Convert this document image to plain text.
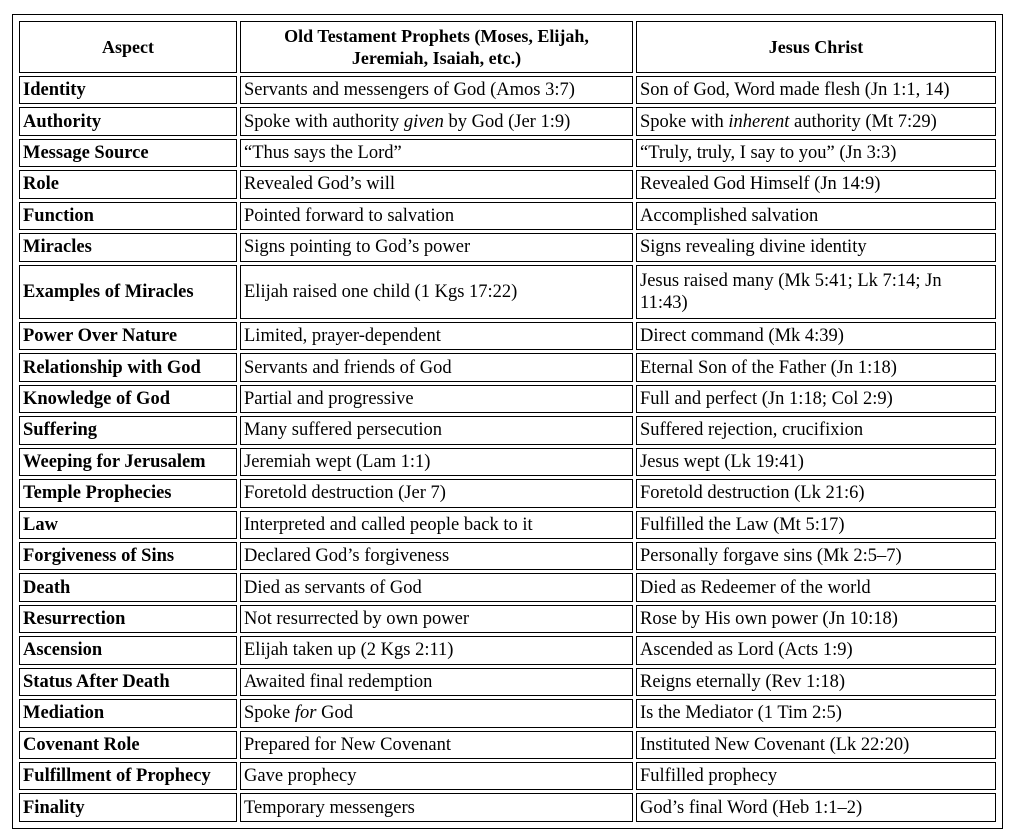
Aspect	Old Testament Prophets (Moses, Elijah, Jeremiah, Isaiah, etc.)	Jesus Christ
Identity	Servants and messengers of God (Amos 3:7)	Son of God, Word made flesh (Jn 1:1, 14)
Authority	Spoke with authority given by God (Jer 1:9)	Spoke with inherent authority (Mt 7:29)
Message Source	“Thus says the Lord”	“Truly, truly, I say to you” (Jn 3:3)
Role	Revealed God’s will	Revealed God Himself (Jn 14:9)
Function	Pointed forward to salvation	Accomplished salvation
Miracles	Signs pointing to God’s power	Signs revealing divine identity
Examples of Miracles	Elijah raised one child (1 Kgs 17:22)	Jesus raised many (Mk 5:41; Lk 7:14; Jn 11:43)
Power Over Nature	Limited, prayer-dependent	Direct command (Mk 4:39)
Relationship with God	Servants and friends of God	Eternal Son of the Father (Jn 1:18)
Knowledge of God	Partial and progressive	Full and perfect (Jn 1:18; Col 2:9)
Suffering	Many suffered persecution	Suffered rejection, crucifixion
Weeping for Jerusalem	Jeremiah wept (Lam 1:1)	Jesus wept (Lk 19:41)
Temple Prophecies	Foretold destruction (Jer 7)	Foretold destruction (Lk 21:6)
Law	Interpreted and called people back to it	Fulfilled the Law (Mt 5:17)
Forgiveness of Sins	Declared God’s forgiveness	Personally forgave sins (Mk 2:5–7)
Death	Died as servants of God	Died as Redeemer of the world
Resurrection	Not resurrected by own power	Rose by His own power (Jn 10:18)
Ascension	Elijah taken up (2 Kgs 2:11)	Ascended as Lord (Acts 1:9)
Status After Death	Awaited final redemption	Reigns eternally (Rev 1:18)
Mediation	Spoke for God	Is the Mediator (1 Tim 2:5)
Covenant Role	Prepared for New Covenant	Instituted New Covenant (Lk 22:20)
Fulfillment of Prophecy	Gave prophecy	Fulfilled prophecy
Finality	Temporary messengers	God’s final Word (Heb 1:1–2)
